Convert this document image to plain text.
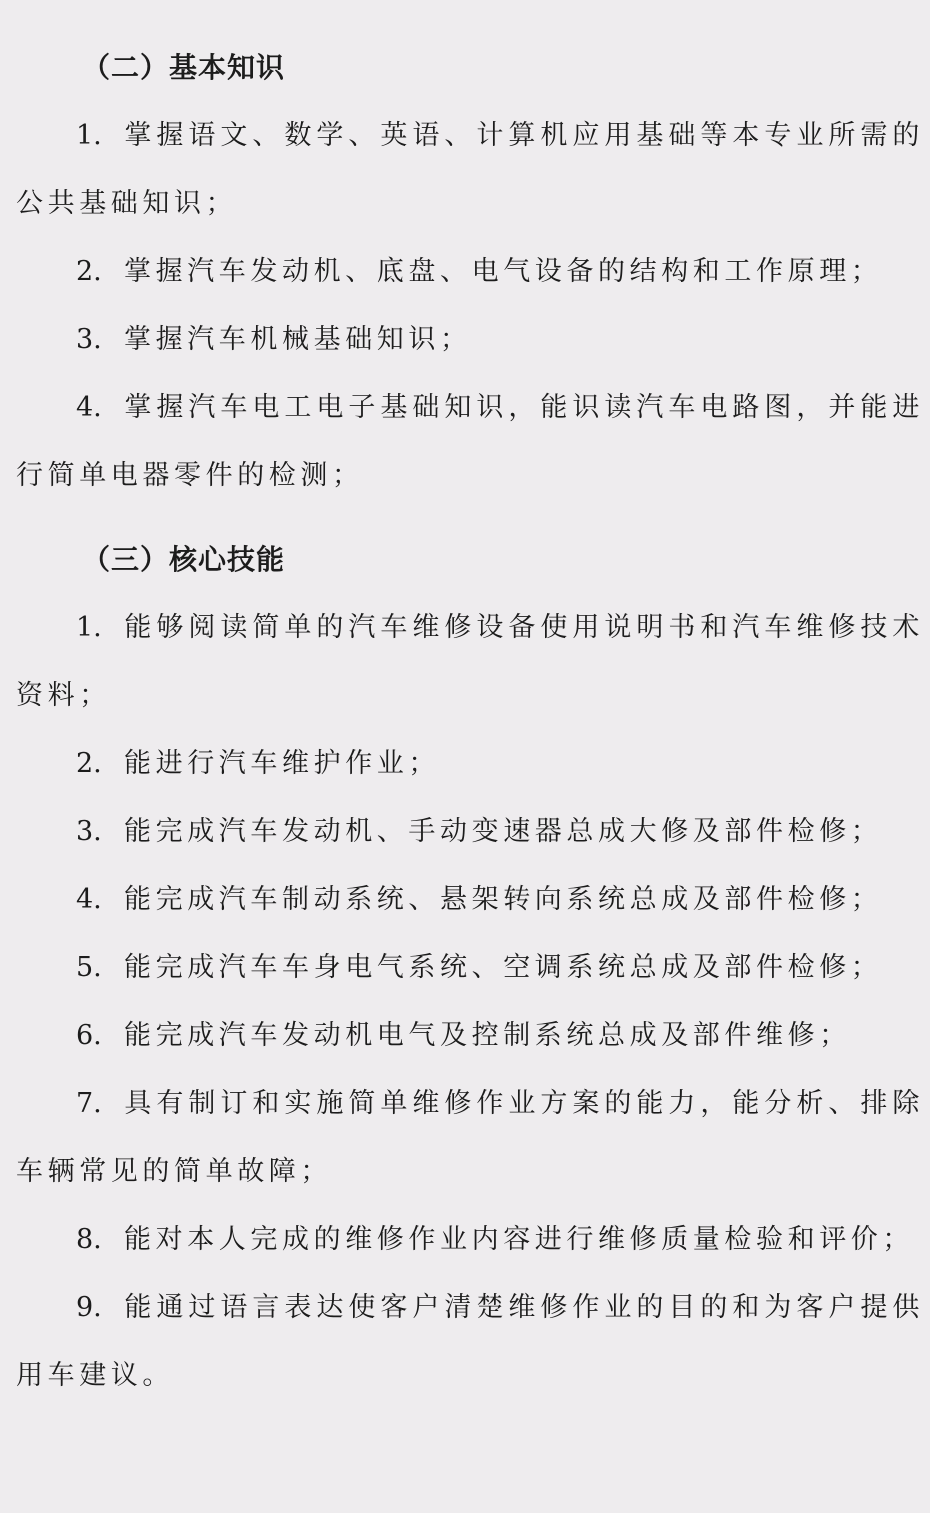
（二）基本知识

1. 掌握语文、数学、英语、计算机应用基础等本专业所需的公共基础知识；

2. 掌握汽车发动机、底盘、电气设备的结构和工作原理；

3. 掌握汽车机械基础知识；

4. 掌握汽车电工电子基础知识，能识读汽车电路图，并能进行简单电器零件的检测；

（三）核心技能

1. 能够阅读简单的汽车维修设备使用说明书和汽车维修技术资料；

2. 能进行汽车维护作业；

3. 能完成汽车发动机、手动变速器总成大修及部件检修；

4. 能完成汽车制动系统、悬架转向系统总成及部件检修；

5. 能完成汽车车身电气系统、空调系统总成及部件检修；

6. 能完成汽车发动机电气及控制系统总成及部件维修；

7. 具有制订和实施简单维修作业方案的能力，能分析、排除车辆常见的简单故障；

8. 能对本人完成的维修作业内容进行维修质量检验和评价；

9. 能通过语言表达使客户清楚维修作业的目的和为客户提供用车建议。
